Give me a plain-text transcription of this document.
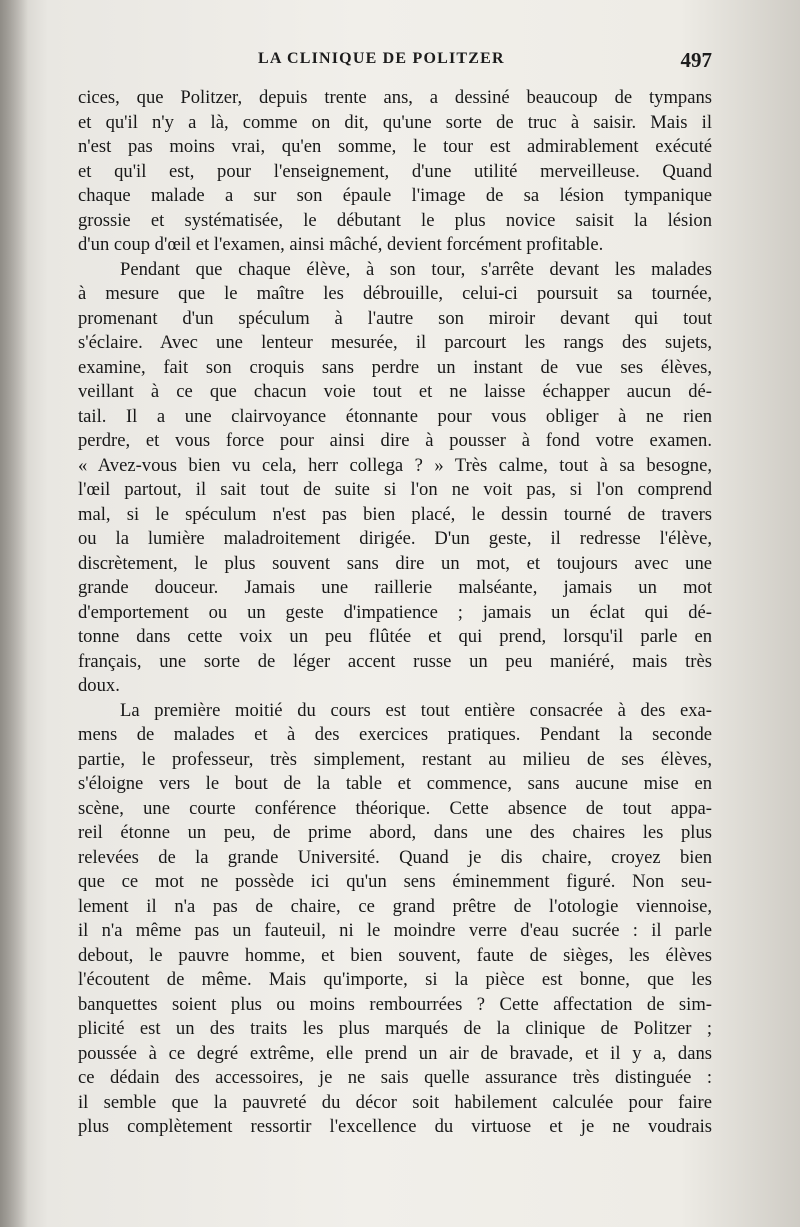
LA CLINIQUE DE POLITZER	497
cices, que Politzer, depuis trente ans, a dessiné beaucoup de tympans
et qu'il n'y a là, comme on dit, qu'une sorte de truc à saisir. Mais il
n'est pas moins vrai, qu'en somme, le tour est admirablement exécuté
et qu'il est, pour l'enseignement, d'une utilité merveilleuse. Quand
chaque malade a sur son épaule l'image de sa lésion tympanique
grossie et systématisée, le débutant le plus novice saisit la lésion
d'un coup d'œil et l'examen, ainsi mâché, devient forcément profitable.
Pendant que chaque élève, à son tour, s'arrête devant les malades
à mesure que le maître les débrouille, celui-ci poursuit sa tournée,
promenant d'un spéculum à l'autre son miroir devant qui tout
s'éclaire. Avec une lenteur mesurée, il parcourt les rangs des sujets,
examine, fait son croquis sans perdre un instant de vue ses élèves,
veillant à ce que chacun voie tout et ne laisse échapper aucun dé-
tail. Il a une clairvoyance étonnante pour vous obliger à ne rien
perdre, et vous force pour ainsi dire à pousser à fond votre examen.
« Avez-vous bien vu cela, herr collega ? » Très calme, tout à sa besogne,
l'œil partout, il sait tout de suite si l'on ne voit pas, si l'on comprend
mal, si le spéculum n'est pas bien placé, le dessin tourné de travers
ou la lumière maladroitement dirigée. D'un geste, il redresse l'élève,
discrètement, le plus souvent sans dire un mot, et toujours avec une
grande douceur. Jamais une raillerie malséante, jamais un mot
d'emportement ou un geste d'impatience ; jamais un éclat qui dé-
tonne dans cette voix un peu flûtée et qui prend, lorsqu'il parle en
français, une sorte de léger accent russe un peu maniéré, mais très
doux.
La première moitié du cours est tout entière consacrée à des exa-
mens de malades et à des exercices pratiques. Pendant la seconde
partie, le professeur, très simplement, restant au milieu de ses élèves,
s'éloigne vers le bout de la table et commence, sans aucune mise en
scène, une courte conférence théorique. Cette absence de tout appa-
reil étonne un peu, de prime abord, dans une des chaires les plus
relevées de la grande Université. Quand je dis chaire, croyez bien
que ce mot ne possède ici qu'un sens éminemment figuré. Non seu-
lement il n'a pas de chaire, ce grand prêtre de l'otologie viennoise,
il n'a même pas un fauteuil, ni le moindre verre d'eau sucrée : il parle
debout, le pauvre homme, et bien souvent, faute de sièges, les élèves
l'écoutent de même. Mais qu'importe, si la pièce est bonne, que les
banquettes soient plus ou moins rembourrées ? Cette affectation de sim-
plicité est un des traits les plus marqués de la clinique de Politzer ;
poussée à ce degré extrême, elle prend un air de bravade, et il y a, dans
ce dédain des accessoires, je ne sais quelle assurance très distinguée :
il semble que la pauvreté du décor soit habilement calculée pour faire
plus complètement ressortir l'excellence du virtuose et je ne voudrais
